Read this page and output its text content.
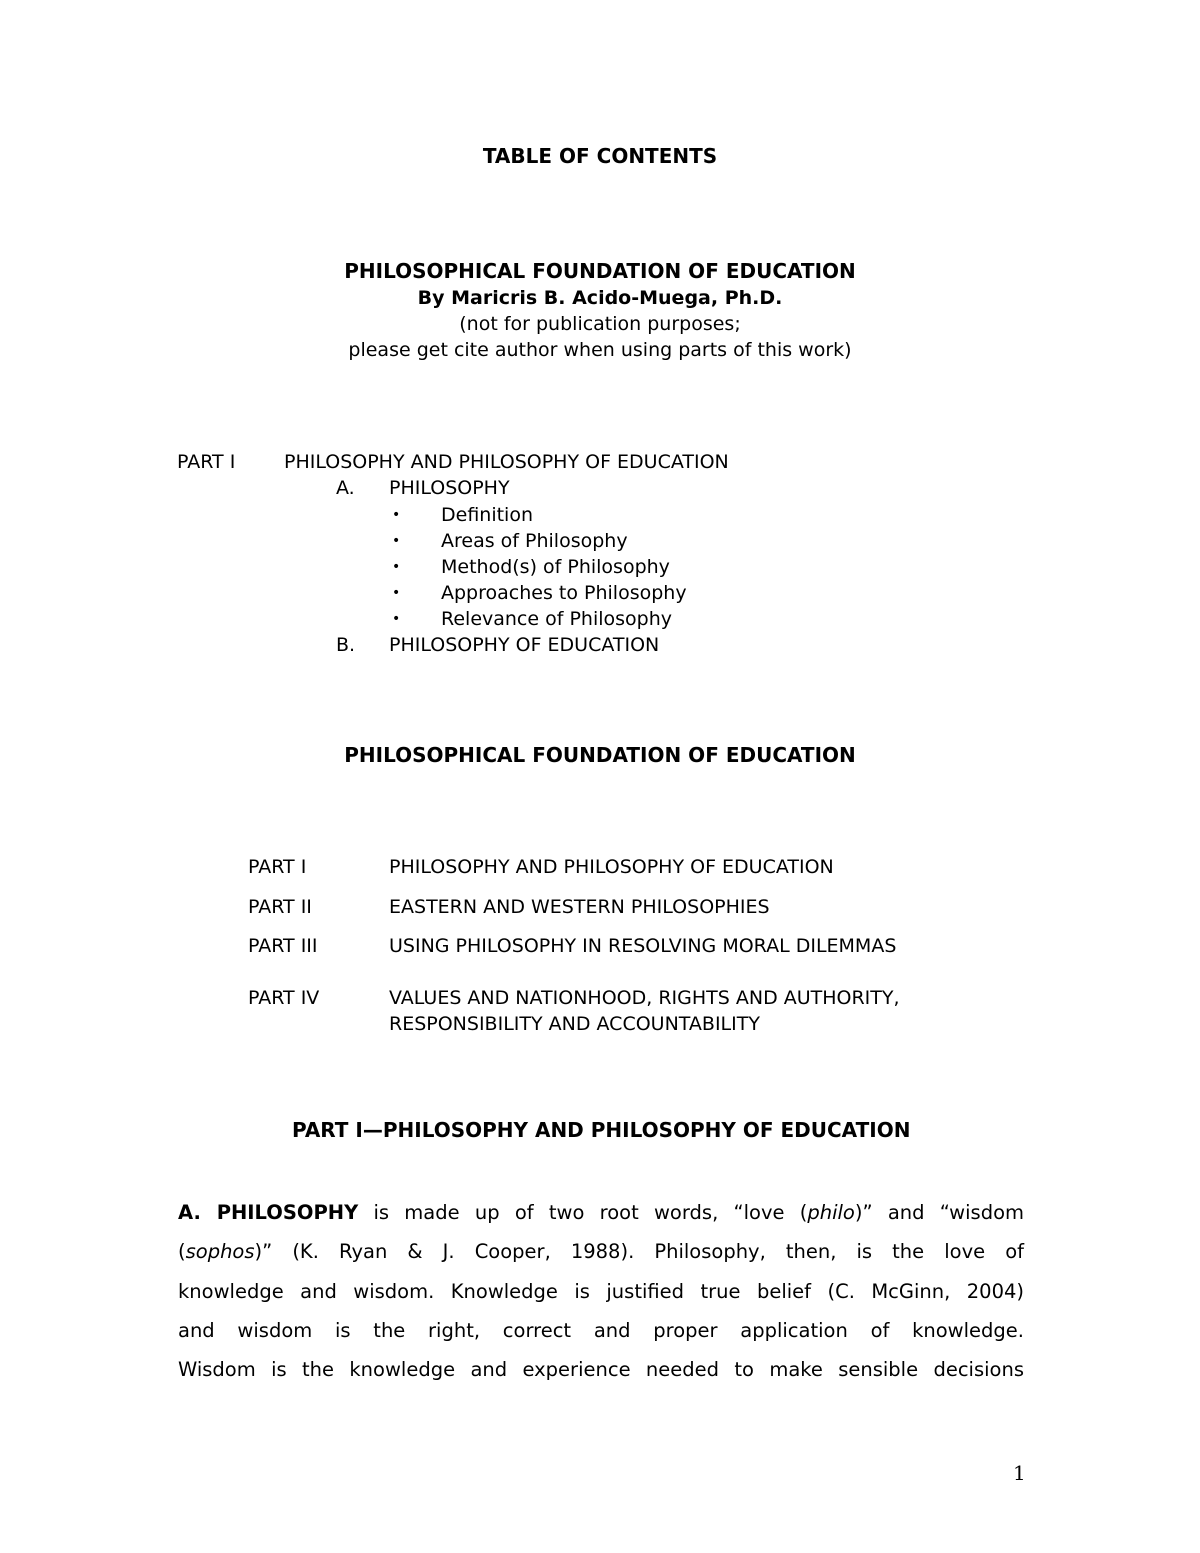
TABLE OF CONTENTS
PHILOSOPHICAL FOUNDATION OF EDUCATION
By Maricris B. Acido-Muega, Ph.D.
(not for publication purposes;
please get cite author when using parts of this work)
PART I	PHILOSOPHY AND PHILOSOPHY OF EDUCATION
A. PHILOSOPHY
• Definition
• Areas of Philosophy
• Method(s) of Philosophy
• Approaches to Philosophy
• Relevance of Philosophy
B. PHILOSOPHY OF EDUCATION
PHILOSOPHICAL FOUNDATION OF EDUCATION
PART I	PHILOSOPHY AND PHILOSOPHY OF EDUCATION
PART II	EASTERN AND WESTERN PHILOSOPHIES
PART III	USING PHILOSOPHY IN RESOLVING MORAL DILEMMAS
PART IV	VALUES AND NATIONHOOD, RIGHTS AND AUTHORITY,
RESPONSIBILITY AND ACCOUNTABILITY
PART I—PHILOSOPHY AND PHILOSOPHY OF EDUCATION
A. PHILOSOPHY is made up of two root words, “love (philo)” and “wisdom
(sophos)” (K. Ryan & J. Cooper, 1988). Philosophy, then, is the love of
knowledge and wisdom. Knowledge is justified true belief (C. McGinn, 2004)
and wisdom is the right, correct and proper application of knowledge.
Wisdom is the knowledge and experience needed to make sensible decisions
1
